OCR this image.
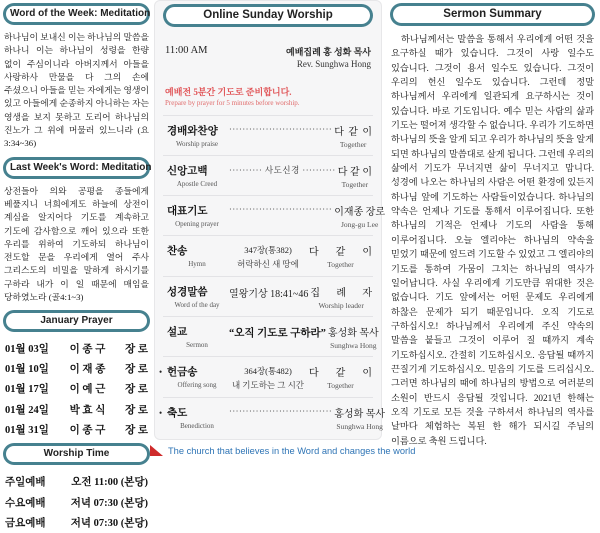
Word of the Week: Meditation

하나님이 보내신 이는 하나님의 말씀을 하나니 이는 하나님이 성령을 한량 없이 주심이니라 아버지께서 아들을 사랑하사 만물을 다 그의 손에 주셨으니 아들을 믿는 자에게는 영생이 있고 아들에게 순종하지 아니하는 자는 영생을 보지 못하고 도리어 하나님의 진노가 그 위에 머물러 있느니라 (요 3:34~36)

Last Week's Word: Meditation

상전들아 의와 공평을 종들에게 베풀지니 너희에게도 하늘에 상전이 계심을 알지어다 기도를 계속하고 기도에 감사함으로 깨어 있으라 또한 우리를 위하여 기도하되 하나님이 전도할 문을 우리에게 열어 주사 그리스도의 비밀을 말하게 하시기를 구하라 내가 이 일 때문에 매임을 당하였노라 (골4:1~3)

January Prayer
01월 03일	이 종 구	장 로
01월 10일	이 재 종	장 로
01월 17일	이 예 근	장 로
01월 24일	박 효 식	장 로
01월 31일	이 종 구	장 로
Worship Time
주일예배 오전 11:00 (본당)
수요예배 저녁 07:30 (본당)
금요예배 저녁 07:30 (본당)
Online Sunday Worship
11:00 AM	예배집례 홍 성화 목사
Rev. Sunghwa Hong
예배전 5분간 기도로 준비합니다.
Prepare by prayer for 5 minutes before worship.
경배와찬양
Worship praise
······························· 다 같 이
Together
신앙고백
Apostle Creed
·········· 사도신경 ·········· 다 같 이
Together
대표기도
Opening prayer
······························· 이재종 장로
Jong-gu Lee
찬송
Hymn
347장(통382)
허락하신 새 땅에
다 같 이
Together
성경말씀
Word of the day
열왕기상 18:41~46 집 례 자
Worship leader
설교
Sermon
“오직 기도로 구하라” 홍성화 목사
Sunghwa Hong
• 헌금송
Offering song
364장(통482)
내 기도하는 그 시간
다 같 이
Together
• 축도
Benediction
······························· 홍성화 목사
Sunghwa Hong
The church that believes in the Word and changes the world
Sermon Summary

하나님께서는 말씀을 통해서 우리에게 어떤 것을 요구하실 때가 있습니다. 그것이 사랑 일수도 있습니다. 그것이 용서 일수도 있습니다. 그것이 우리의 헌신 일수도 있습니다. 그런데 정말 하나님께서 우리에게 일관되게 요구하시는 것이 있습니다. 바로 기도입니다. 예수 믿는 사람의 삶과 기도는 떨어져 생각할 수 없습니다. 우리가 기도하면 하나님의 뜻을 알게 되고 우리가 하나님의 뜻을 알게 되면 하나님의 말씀대로 살게 됩니다. 그런데 우리의 삶에서 기도가 무너지면 삶이 무너지고 맙니다. 성경에 나오는 하나님의 사람은 어떤 환경에 있든지 하나님 앞에 기도하는 사람들이었습니다. 하나님의 약속은 언제나 기도를 통해서 이루어집니다. 또한 하나님의 기적은 언제나 기도의 사람을 통해 이루어집니다. 오늘 엘리야는 하나님의 약속을 믿었기 때문에 엎드려 기도할 수 있었고 그 엘리야의 기도를 통하여 가뭄이 그치는 하나님의 역사가 일어납니다. 사실 우리에게 기도만큼 위대한 것은 없습니다. 기도 앞에서는 어떤 문제도 우리에게 하찮은 문제가 되기 때문입니다. 오직 기도로 구하십시오! 하나님께서 우리에게 주신 약속의 말씀을 붙들고 그것이 이루어 질 때까지 계속 기도하십시오. 간절히 기도하십시오. 응답될 때까지 끈질기게 기도하십시오. 믿음의 기도를 드리십시오. 그러면 하나님의 때에 하나님의 방법으로 여러분의 소원이 반드시 응답될 것입니다. 2021년 한해는 오직 기도로 모든 것을 구하셔서 하나님의 역사를 날마다 체험하는 복된 한 해가 되시길 주님의 이름으로 축원 드립니다.
